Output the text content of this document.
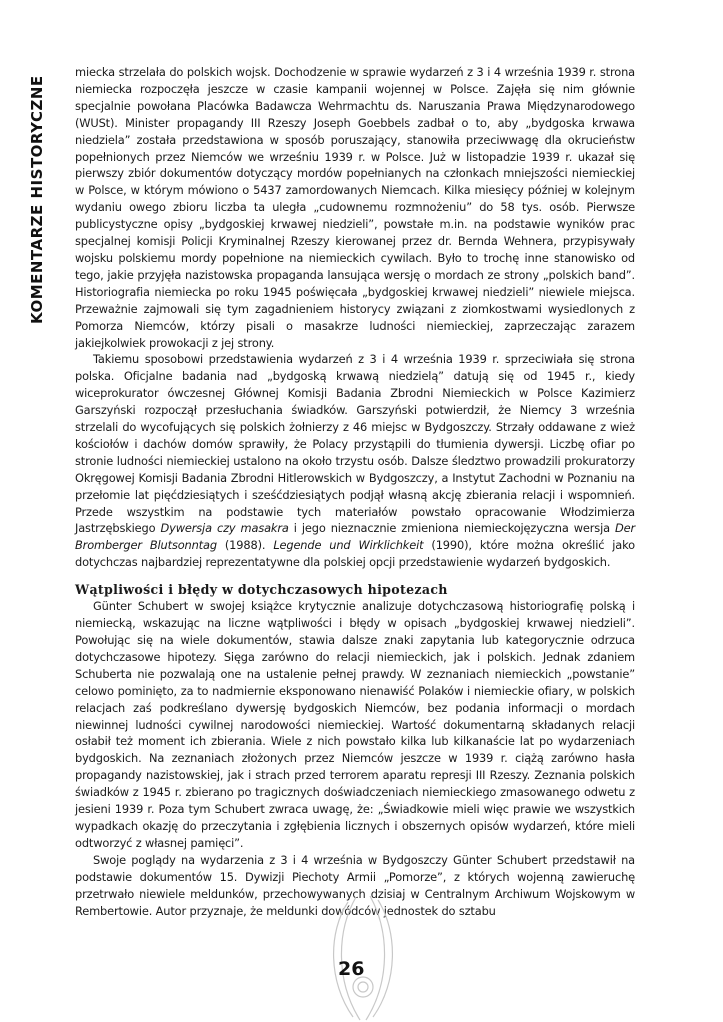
KOMENTARZE HISTORYCZNE

miecka strzelała do polskich wojsk. Dochodzenie w sprawie wydarzeń z 3 i 4 września 1939 r. strona niemiecka rozpoczęła jeszcze w czasie kampanii wojennej w Polsce. Zajęła się nim głównie specjalnie powołana Placówka Badawcza Wehrmachtu ds. Naruszania Prawa Międzynarodowego (WUSt). Minister propagandy III Rzeszy Joseph Goebbels zadbał o to, aby „bydgoska krwawa niedziela” została przedstawiona w sposób poruszający, stanowiła przeciwwagę dla okrucieństw popełnionych przez Niemców we wrześniu 1939 r. w Polsce. Już w listopadzie 1939 r. ukazał się pierwszy zbiór dokumentów dotyczący mordów popełnianych na członkach mniejszości niemieckiej w Polsce, w którym mówiono o 5437 zamordowanych Niemcach. Kilka miesięcy później w kolejnym wydaniu owego zbioru liczba ta uległa „cudownemu rozmnożeniu” do 58 tys. osób. Pierwsze publicystyczne opisy „bydgoskiej krwawej niedzieli”, powstałe m.in. na podstawie wyników prac specjalnej komisji Policji Kryminalnej Rzeszy kierowanej przez dr. Bernda Wehnera, przypisywały wojsku polskiemu mordy popełnione na niemieckich cywilach. Było to trochę inne stanowisko od tego, jakie przyjęła nazistowska propaganda lansująca wersję o mordach ze strony „polskich band”. Historiografia niemiecka po roku 1945 poświęcała „bydgoskiej krwawej niedzieli” niewiele miejsca. Przeważnie zajmowali się tym zagadnieniem historycy związani z ziomkostwami wysiedlonych z Pomorza Niemców, którzy pisali o masakrze ludności niemieckiej, zaprzeczając zarazem jakiejkolwiek prowokacji z jej strony.

Takiemu sposobowi przedstawienia wydarzeń z 3 i 4 września 1939 r. sprzeciwiała się strona polska. Oficjalne badania nad „bydgoską krwawą niedzielą” datują się od 1945 r., kiedy wiceprokurator ówczesnej Głównej Komisji Badania Zbrodni Niemieckich w Polsce Kazimierz Garszyński rozpoczął przesłuchania świadków. Garszyński potwierdził, że Niemcy 3 września strzelali do wycofujących się polskich żołnierzy z 46 miejsc w Bydgoszczy. Strzały oddawane z wież kościołów i dachów domów sprawiły, że Polacy przystąpili do tłumienia dywersji. Liczbę ofiar po stronie ludności niemieckiej ustalono na około trzystu osób. Dalsze śledztwo prowadzili prokuratorzy Okręgowej Komisji Badania Zbrodni Hitlerowskich w Bydgoszczy, a Instytut Zachodni w Poznaniu na przełomie lat pięćdziesiątych i sześćdziesiątych podjął własną akcję zbierania relacji i wspomnień. Przede wszystkim na podstawie tych materiałów powstało opracowanie Włodzimierza Jastrzębskiego Dywersja czy masakra i jego nieznacznie zmieniona niemieckojęzyczna wersja Der Bromberger Blutsonntag (1988). Legende und Wirklichkeit (1990), które można określić jako dotychczas najbardziej reprezentatywne dla polskiej opcji przedstawienie wydarzeń bydgoskich.

Wątpliwości i błędy w dotychczasowych hipotezach

Günter Schubert w swojej książce krytycznie analizuje dotychczasową historiografię polską i niemiecką, wskazując na liczne wątpliwości i błędy w opisach „bydgoskiej krwawej niedzieli”. Powołując się na wiele dokumentów, stawia dalsze znaki zapytania lub kategorycznie odrzuca dotychczasowe hipotezy. Sięga zarówno do relacji niemieckich, jak i polskich. Jednak zdaniem Schuberta nie pozwalają one na ustalenie pełnej prawdy. W zeznaniach niemieckich „powstanie” celowo pominięto, za to nadmiernie eksponowano nienawiść Polaków i niemieckie ofiary, w polskich relacjach zaś podkreślano dywersję bydgoskich Niemców, bez podania informacji o mordach niewinnej ludności cywilnej narodowości niemieckiej. Wartość dokumentarną składanych relacji osłabił też moment ich zbierania. Wiele z nich powstało kilka lub kilkanaście lat po wydarzeniach bydgoskich. Na zeznaniach złożonych przez Niemców jeszcze w 1939 r. ciążą zarówno hasła propagandy nazistowskiej, jak i strach przed terrorem aparatu represji III Rzeszy. Zeznania polskich świadków z 1945 r. zbierano po tragicznych doświadczeniach niemieckiego zmasowanego odwetu z jesieni 1939 r. Poza tym Schubert zwraca uwagę, że: „Świadkowie mieli więc prawie we wszystkich wypadkach okazję do przeczytania i zgłębienia licznych i obszernych opisów wydarzeń, które mieli odtworzyć z własnej pamięci”.

Swoje poglądy na wydarzenia z 3 i 4 września w Bydgoszczy Günter Schubert przedstawił na podstawie dokumentów 15. Dywizji Piechoty Armii „Pomorze”, z których wojenną zawieruchę przetrwało niewiele meldunków, przechowywanych dzisiaj w Centralnym Archiwum Wojskowym w Rembertowie. Autor przyznaje, że meldunki dowódców jednostek do sztabu

26
